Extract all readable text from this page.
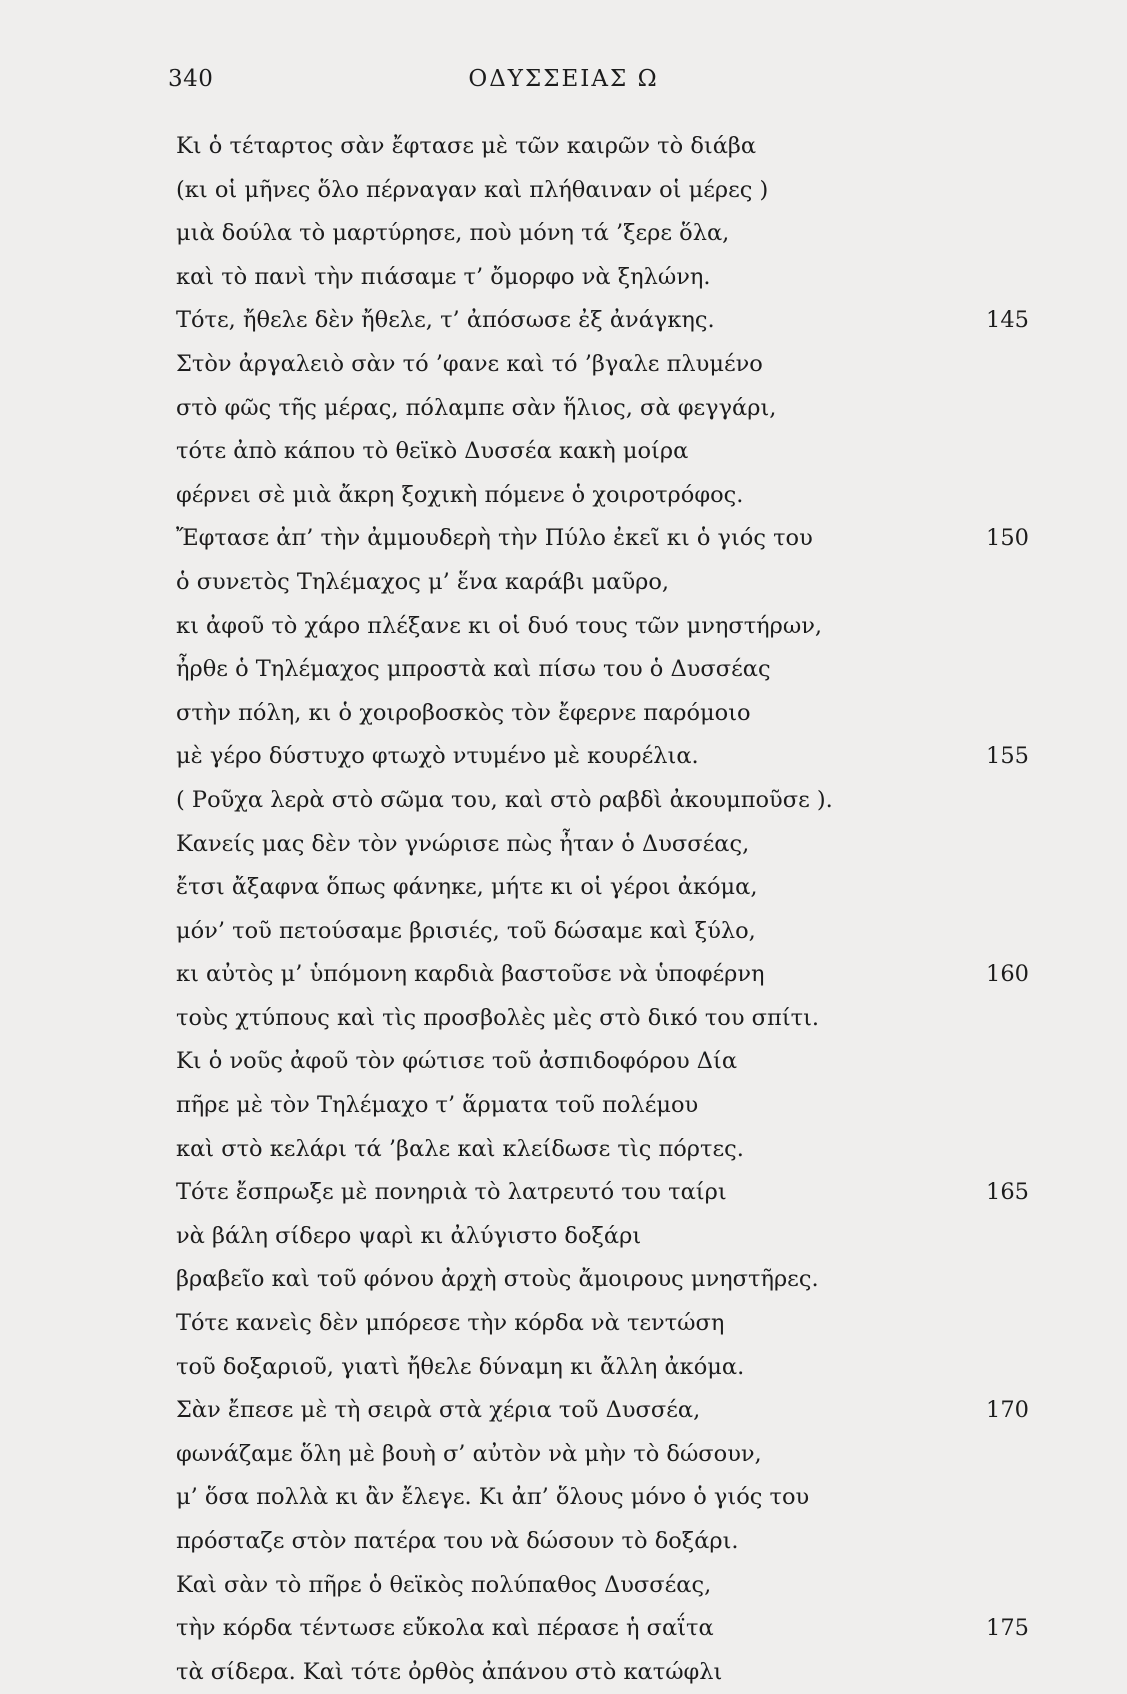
340	ΟΔΥΣΣΕΙΑΣ Ω
Κι ὁ τέταρτος σὰν ἔφτασε μὲ τῶν καιρῶν τὸ διάβα
(κι οἱ μῆνες ὅλο πέρναγαν καὶ πλήθαιναν οἱ μέρες )
μιὰ δούλα τὸ μαρτύρησε, ποὺ μόνη τά ’ξερε ὅλα,
καὶ τὸ πανὶ τὴν πιάσαμε τ’ ὄμορφο νὰ ξηλώνη.
Τότε, ἤθελε δὲν ἤθελε, τ’ ἀπόσωσε ἐξ ἀνάγκης.	145
Στὸν ἀργαλειὸ σὰν τό ’φανε καὶ τό ’βγαλε πλυμένο
στὸ φῶς τῆς μέρας, πόλαμπε σὰν ἥλιος, σὰ φεγγάρι,
τότε ἀπὸ κάπου τὸ θεϊκὸ Δυσσέα κακὴ μοίρα
φέρνει σὲ μιὰ ἄκρη ξοχικὴ πόμενε ὁ χοιροτρόφος.
Ἔφτασε ἀπ’ τὴν ἀμμουδερὴ τὴν Πύλο ἐκεῖ κι ὁ γιός του	150
ὁ συνετὸς Τηλέμαχος μ’ ἕνα καράβι μαῦρο,
κι ἀφοῦ τὸ χάρο πλέξανε κι οἱ δυό τους τῶν μνηστήρων,
ἦρθε ὁ Τηλέμαχος μπροστὰ καὶ πίσω του ὁ Δυσσέας
στὴν πόλη, κι ὁ χοιροβοσκὸς τὸν ἔφερνε παρόμοιο
μὲ γέρο δύστυχο φτωχὸ ντυμένο μὲ κουρέλια.	155
( Ροῦχα λερὰ στὸ σῶμα του, καὶ στὸ ραβδὶ ἀκουμποῦσε ).
Κανείς μας δὲν τὸν γνώρισε πὼς ἦταν ὁ Δυσσέας,
ἔτσι ἄξαφνα ὅπως φάνηκε, μήτε κι οἱ γέροι ἀκόμα,
μόν’ τοῦ πετούσαμε βρισιές, τοῦ δώσαμε καὶ ξύλο,
κι αὐτὸς μ’ ὑπόμονη καρδιὰ βαστοῦσε νὰ ὑποφέρνη	160
τοὺς χτύπους καὶ τὶς προσβολὲς μὲς στὸ δικό του σπίτι.
Κι ὁ νοῦς ἀφοῦ τὸν φώτισε τοῦ ἀσπιδοφόρου Δία
πῆρε μὲ τὸν Τηλέμαχο τ’ ἅρματα τοῦ πολέμου
καὶ στὸ κελάρι τά ’βαλε καὶ κλείδωσε τὶς πόρτες.
Τότε ἔσπρωξε μὲ πονηριὰ τὸ λατρευτό του ταίρι	165
νὰ βάλη σίδερο ψαρὶ κι ἀλύγιστο δοξάρι
βραβεῖο καὶ τοῦ φόνου ἀρχὴ στοὺς ἄμοιρους μνηστῆρες.
Τότε κανεὶς δὲν μπόρεσε τὴν κόρδα νὰ τεντώση
τοῦ δοξαριοῦ, γιατὶ ἤθελε δύναμη κι ἄλλη ἀκόμα.
Σὰν ἔπεσε μὲ τὴ σειρὰ στὰ χέρια τοῦ Δυσσέα,	170
φωνάζαμε ὅλη μὲ βουὴ σ’ αὐτὸν νὰ μὴν τὸ δώσουν,
μ’ ὅσα πολλὰ κι ἂν ἔλεγε. Κι ἀπ’ ὅλους μόνο ὁ γιός του
πρόσταζε στὸν πατέρα του νὰ δώσουν τὸ δοξάρι.
Καὶ σὰν τὸ πῆρε ὁ θεϊκὸς πολύπαθος Δυσσέας,
τὴν κόρδα τέντωσε εὔκολα καὶ πέρασε ἡ σαΐτα	175
τὰ σίδερα. Καὶ τότε ὀρθὸς ἀπάνου στὸ κατώφλι
